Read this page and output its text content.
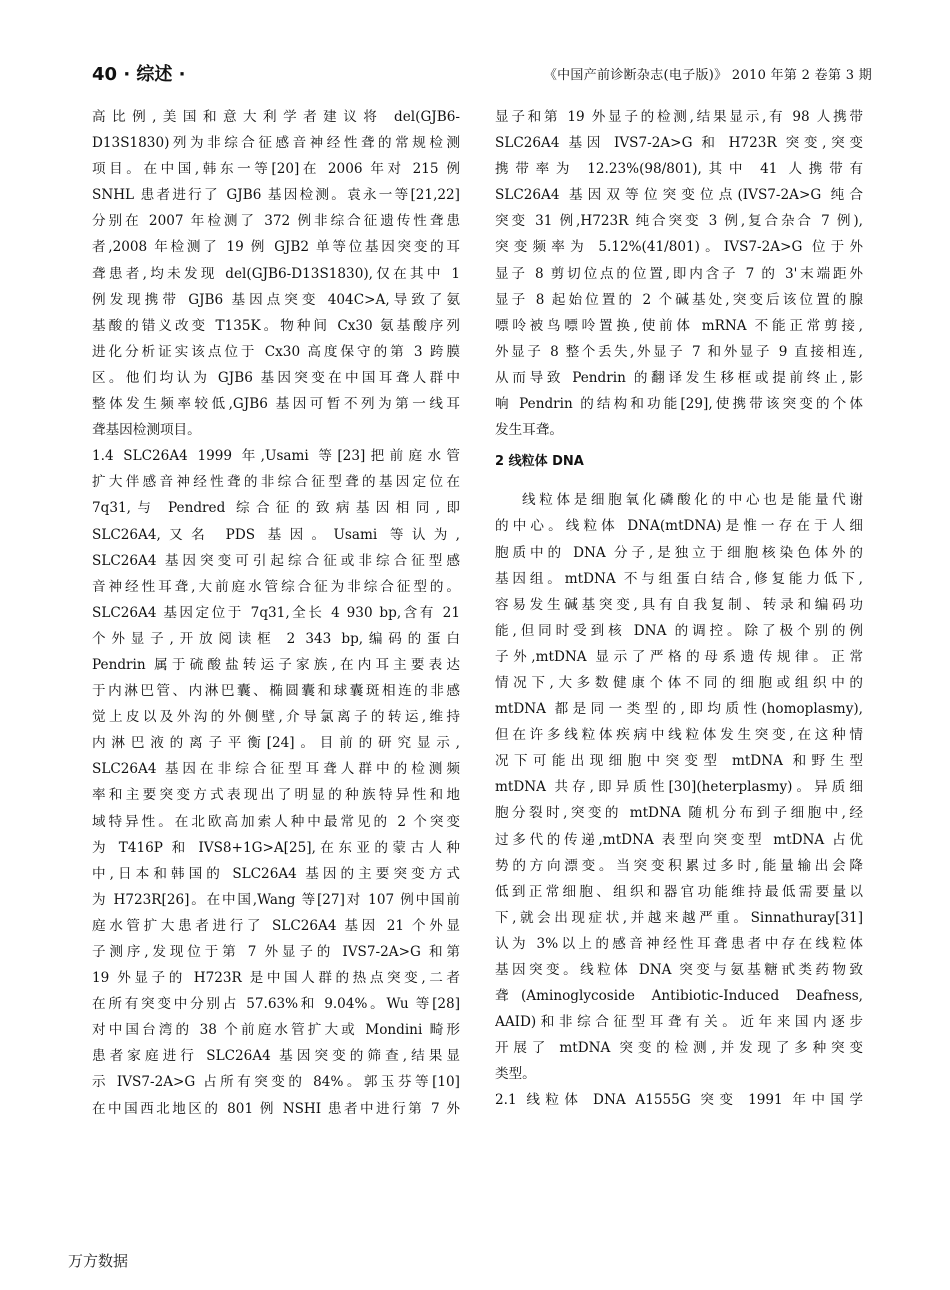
40 · 综述 ·	《中国产前诊断杂志(电子版)》 2010 年第 2 卷第 3 期
高比例,美国和意大利学者建议将 del(GJB6-
D13S1830)列为非综合征感音神经性聋的常规检测
项目。在中国,韩东一等[20]在 2006 年对 215 例
SNHL 患者进行了 GJB6 基因检测。袁永一等[21,22]
分别在 2007 年检测了 372 例非综合征遗传性聋患
者,2008 年检测了 19 例 GJB2 单等位基因突变的耳
聋患者,均未发现 del(GJB6-D13S1830),仅在其中 1
例发现携带 GJB6 基因点突变 404C>A,导致了氨
基酸的错义改变 T135K。物种间 Cx30 氨基酸序列
进化分析证实该点位于 Cx30 高度保守的第 3 跨膜
区。他们均认为 GJB6 基因突变在中国耳聋人群中
整体发生频率较低,GJB6 基因可暂不列为第一线耳
聋基因检测项目。
1.4 SLC26A4 1999 年,Usami 等[23]把前庭水管
扩大伴感音神经性聋的非综合征型聋的基因定位在
7q31,与 Pendred 综合征的致病基因相同,即
SLC26A4,又名 PDS 基因。Usami 等认为,
SLC26A4 基因突变可引起综合征或非综合征型感
音神经性耳聋,大前庭水管综合征为非综合征型的。
SLC26A4 基因定位于 7q31,全长 4 930 bp,含有 21
个外显子,开放阅读框 2 343 bp,编码的蛋白
Pendrin 属于硫酸盐转运子家族,在内耳主要表达
于内淋巴管、内淋巴囊、椭圆囊和球囊斑相连的非感
觉上皮以及外沟的外侧壁,介导氯离子的转运,维持
内淋巴液的离子平衡[24]。目前的研究显示,
SLC26A4 基因在非综合征型耳聋人群中的检测频
率和主要突变方式表现出了明显的种族特异性和地
域特异性。在北欧高加索人种中最常见的 2 个突变
为 T416P 和 IVS8+1G>A[25],在东亚的蒙古人种
中,日本和韩国的 SLC26A4 基因的主要突变方式
为 H723R[26]。在中国,Wang 等[27]对 107 例中国前
庭水管扩大患者进行了 SLC26A4 基因 21 个外显
子测序,发现位于第 7 外显子的 IVS7-2A>G 和第
19 外显子的 H723R 是中国人群的热点突变,二者
在所有突变中分别占 57.63%和 9.04%。Wu 等[28]
对中国台湾的 38 个前庭水管扩大或 Mondini 畸形
患者家庭进行 SLC26A4 基因突变的筛查,结果显
示 IVS7-2A>G 占所有突变的 84%。郭玉芬等[10]
在中国西北地区的 801 例 NSHI 患者中进行第 7 外
显子和第 19 外显子的检测,结果显示,有 98 人携带
SLC26A4 基因 IVS7-2A>G 和 H723R 突变,突变
携带率为 12.23%(98/801),其中 41 人携带有
SLC26A4 基因双等位突变位点(IVS7-2A>G 纯合
突变 31 例,H723R 纯合突变 3 例,复合杂合 7 例),
突变频率为 5.12%(41/801)。IVS7-2A>G 位于外
显子 8 剪切位点的位置,即内含子 7 的 3'末端距外
显子 8 起始位置的 2 个碱基处,突变后该位置的腺
嘌呤被鸟嘌呤置换,使前体 mRNA 不能正常剪接,
外显子 8 整个丢失,外显子 7 和外显子 9 直接相连,
从而导致 Pendrin 的翻译发生移框或提前终止,影
响 Pendrin 的结构和功能[29],使携带该突变的个体
发生耳聋。
2 线粒体 DNA
线粒体是细胞氧化磷酸化的中心也是能量代谢
的中心。线粒体 DNA(mtDNA)是惟一存在于人细
胞质中的 DNA 分子,是独立于细胞核染色体外的
基因组。mtDNA 不与组蛋白结合,修复能力低下,
容易发生碱基突变,具有自我复制、转录和编码功
能,但同时受到核 DNA 的调控。除了极个别的例
子外,mtDNA 显示了严格的母系遗传规律。正常
情况下,大多数健康个体不同的细胞或组织中的
mtDNA 都是同一类型的,即均质性(homoplasmy),
但在许多线粒体疾病中线粒体发生突变,在这种情
况下可能出现细胞中突变型 mtDNA 和野生型
mtDNA 共存,即异质性[30](heterplasmy)。异质细
胞分裂时,突变的 mtDNA 随机分布到子细胞中,经
过多代的传递,mtDNA 表型向突变型 mtDNA 占优
势的方向漂变。当突变积累过多时,能量输出会降
低到正常细胞、组织和器官功能维持最低需要量以
下,就会出现症状,并越来越严重。Sinnathuray[31]
认为 3%以上的感音神经性耳聋患者中存在线粒体
基因突变。线粒体 DNA 突变与氨基糖甙类药物致
聋(Aminoglycoside Antibiotic-Induced Deafness,
AAID)和非综合征型耳聋有关。近年来国内逐步
开展了 mtDNA 突变的检测,并发现了多种突变
类型。
2.1 线粒体 DNA A1555G 突变 1991 年中国学
万方数据
